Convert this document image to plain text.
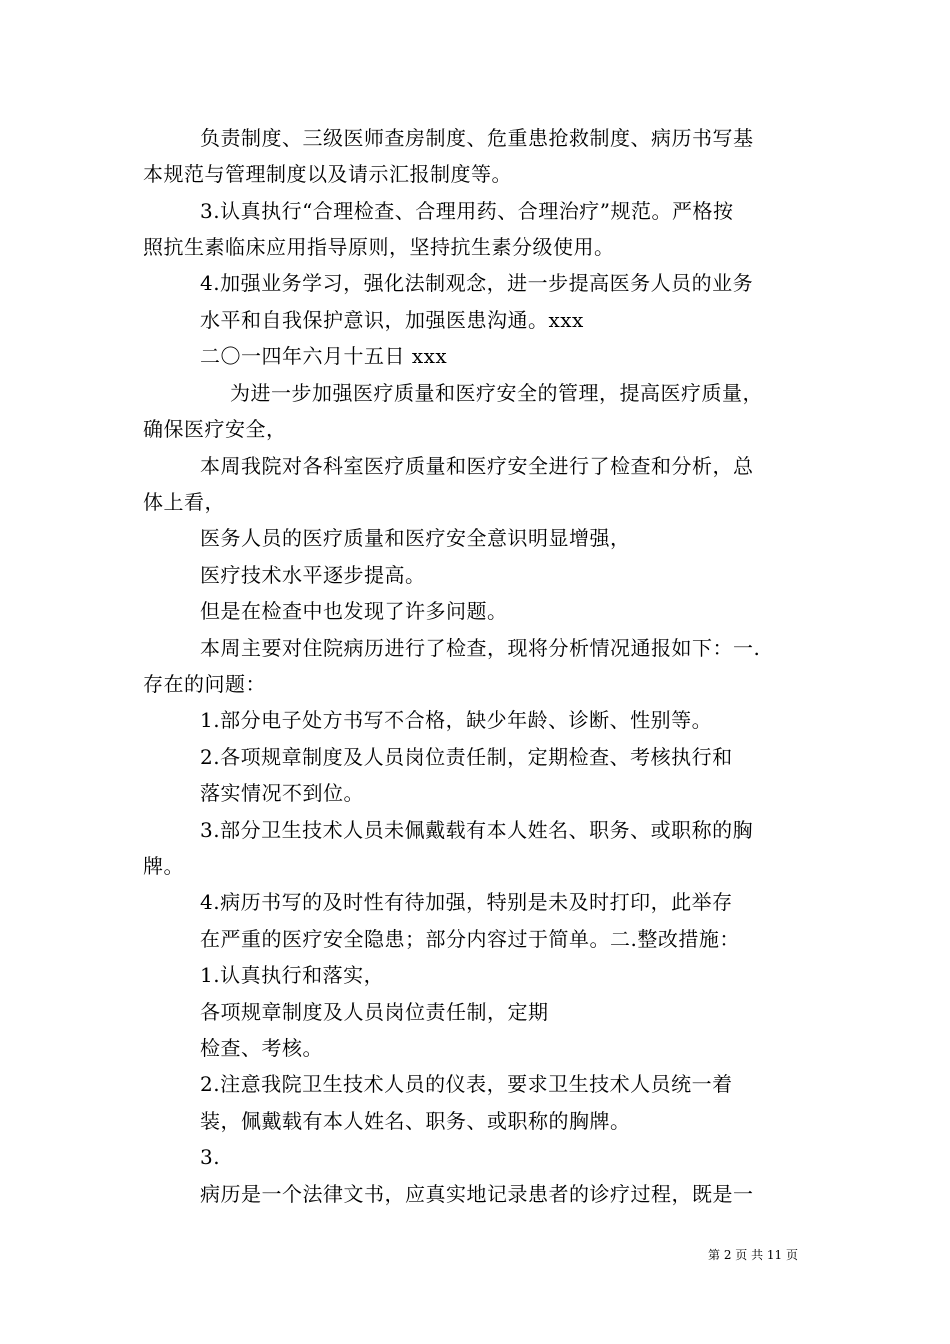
负责制度、三级医师查房制度、危重患抢救制度、病历书写基
本规范与管理制度以及请示汇报制度等。
3.认真执行“合理检查、合理用药、合理治疗”规范。严格按
照抗生素临床应用指导原则，坚持抗生素分级使用。
4.加强业务学习，强化法制观念，进一步提高医务人员的业务
水平和自我保护意识，加强医患沟通。xxx
二〇一四年六月十五日 xxx
为进一步加强医疗质量和医疗安全的管理，提高医疗质量，
确保医疗安全，
本周我院对各科室医疗质量和医疗安全进行了检查和分析，总
体上看，
医务人员的医疗质量和医疗安全意识明显增强，
医疗技术水平逐步提高。
但是在检查中也发现了许多问题。
本周主要对住院病历进行了检查，现将分析情况通报如下：一.
存在的问题：
1.部分电子处方书写不合格，缺少年龄、诊断、性别等。
2.各项规章制度及人员岗位责任制，定期检查、考核执行和
落实情况不到位。
3.部分卫生技术人员未佩戴载有本人姓名、职务、或职称的胸
牌。
4.病历书写的及时性有待加强，特别是未及时打印，此举存
在严重的医疗安全隐患；部分内容过于简单。二.整改措施：
1.认真执行和落实，
各项规章制度及人员岗位责任制，定期
检查、考核。
2.注意我院卫生技术人员的仪表，要求卫生技术人员统一着
装，佩戴载有本人姓名、职务、或职称的胸牌。
3.
病历是一个法律文书，应真实地记录患者的诊疗过程，既是一
第 2 页 共 11 页
